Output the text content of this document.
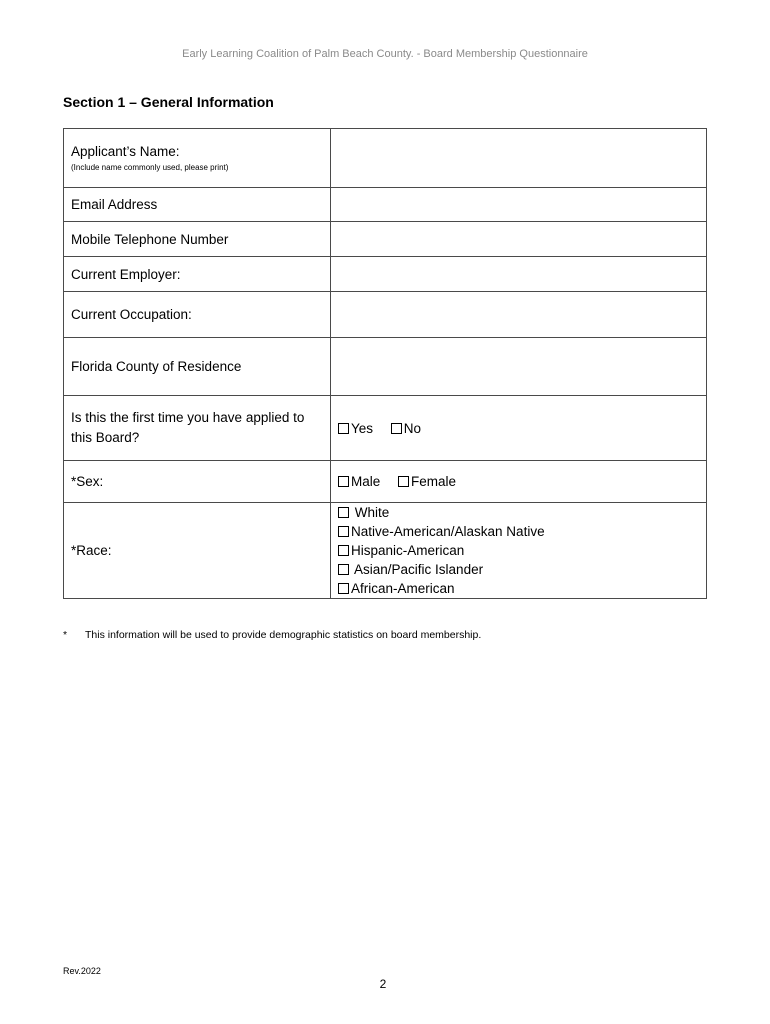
Early Learning Coalition of Palm Beach County. - Board Membership Questionnaire
Section 1 – General Information
Applicant’s Name:
(Include name commonly used, please print)	

Email Address	
Mobile Telephone Number	
Current Employer:	
Current Occupation:	
Florida County of Residence	
Is this the first time you have applied to this Board?	Yes No
*Sex:	Male Female
*Race:	White
Native-American/Alaskan Native
Hispanic-American
Asian/Pacific Islander
African-American
* This information will be used to provide demographic statistics on board membership.
Rev.2022
2
